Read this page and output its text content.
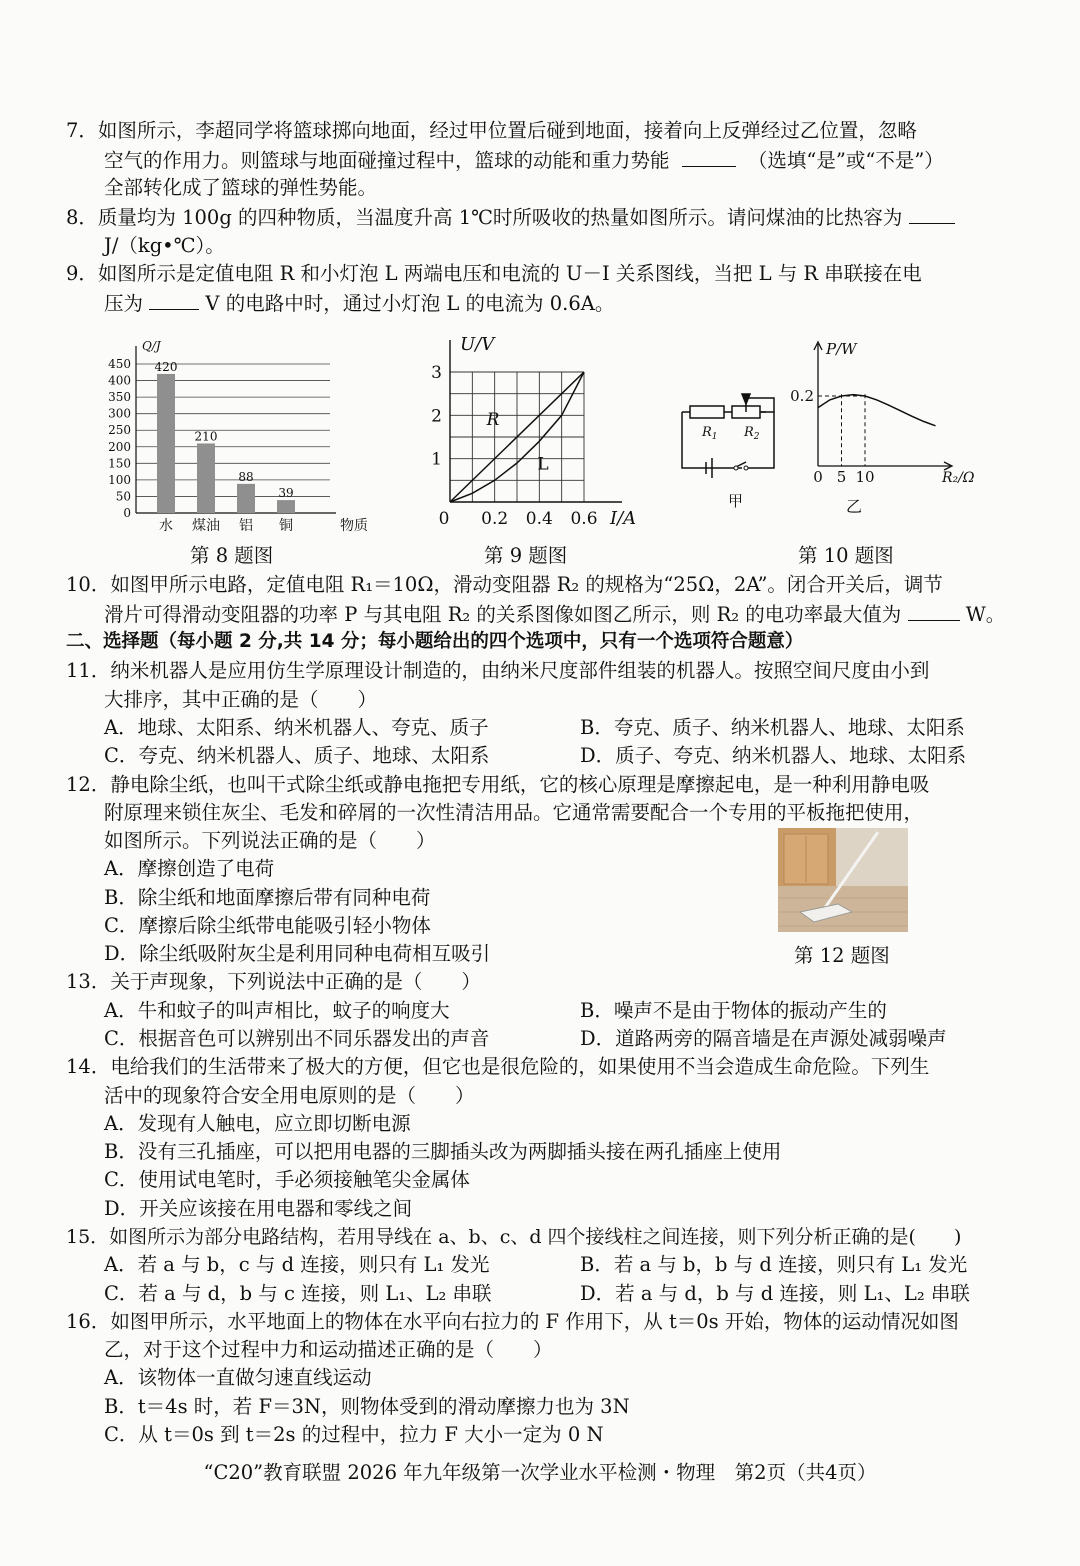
7．如图所示，李超同学将篮球掷向地面，经过甲位置后碰到地面，接着向上反弹经过乙位置，忽略
空气的作用力。则篮球与地面碰撞过程中，篮球的动能和重力势能	（选填“是”或“不是”）
全部转化成了篮球的弹性势能。
8．质量均为 100g 的四种物质，当温度升高 1℃时所吸收的热量如图所示。请问煤油的比热容为
J/（kg•℃）。
9．如图所示是定值电阻 R 和小灯泡 L 两端电压和电流的 U－I 关系图线，当把 L 与 R 串联接在电
压为	V 的电路中时，通过小灯泡 L 的电流为 0.6A。
0
50
100
150
200
250
300
350
400
450
Q/J
物质
420
水
210
煤油
88
铝
39
铜
U/V
I/A
0 0.2 0.4 0.6
1
2
3
R
L
$R_1$ $R_2$
甲
P/W
R₂/Ω
0 5 10
0.2
乙
第 8 题图	第 9 题图	第 10 题图
10．如图甲所示电路，定值电阻 R₁＝10Ω，滑动变阻器 R₂ 的规格为“25Ω，2A”。闭合开关后，调节
滑片可得滑动变阻器的功率 P 与其电阻 R₂ 的关系图像如图乙所示，则 R₂ 的电功率最大值为	W。
二、选择题（每小题 2 分,共 14 分；每小题给出的四个选项中，只有一个选项符合题意）
11．纳米机器人是应用仿生学原理设计制造的，由纳米尺度部件组装的机器人。按照空间尺度由小到
大排序，其中正确的是（　　）
A．地球、太阳系、纳米机器人、夸克、质子	B．夸克、质子、纳米机器人、地球、太阳系
C．夸克、纳米机器人、质子、地球、太阳系	D．质子、夸克、纳米机器人、地球、太阳系
12．静电除尘纸，也叫干式除尘纸或静电拖把专用纸，它的核心原理是摩擦起电，是一种利用静电吸
附原理来锁住灰尘、毛发和碎屑的一次性清洁用品。它通常需要配合一个专用的平板拖把使用，
如图所示。下列说法正确的是（　　）
A．摩擦创造了电荷
B．除尘纸和地面摩擦后带有同种电荷
C．摩擦后除尘纸带电能吸引轻小物体
D．除尘纸吸附灰尘是利用同种电荷相互吸引	第 12 题图
13．关于声现象，下列说法中正确的是（　　）
A．牛和蚊子的叫声相比，蚊子的响度大	B．噪声不是由于物体的振动产生的
C．根据音色可以辨别出不同乐器发出的声音	D．道路两旁的隔音墙是在声源处减弱噪声
14．电给我们的生活带来了极大的方便，但它也是很危险的，如果使用不当会造成生命危险。下列生
活中的现象符合安全用电原则的是（　　）
A．发现有人触电，应立即切断电源
B．没有三孔插座，可以把用电器的三脚插头改为两脚插头接在两孔插座上使用
C．使用试电笔时，手必须接触笔尖金属体
D．开关应该接在用电器和零线之间
15．如图所示为部分电路结构，若用导线在 a、b、c、d 四个接线柱之间连接，则下列分析正确的是(　　)
A．若 a 与 b，c 与 d 连接，则只有 L₁ 发光	B．若 a 与 b，b 与 d 连接，则只有 L₁ 发光
C．若 a 与 d，b 与 c 连接，则 L₁、L₂ 串联	D．若 a 与 d，b 与 d 连接，则 L₁、L₂ 串联
16．如图甲所示，水平地面上的物体在水平向右拉力的 F 作用下，从 t＝0s 开始，物体的运动情况如图
乙，对于这个过程中力和运动描述正确的是（　　）
A．该物体一直做匀速直线运动
B．t＝4s 时，若 F＝3N，则物体受到的滑动摩擦力也为 3N
C．从 t＝0s 到 t＝2s 的过程中，拉力 F 大小一定为 0 N
“C20”教育联盟 2026 年九年级第一次学业水平检测・物理　第2页（共4页）
